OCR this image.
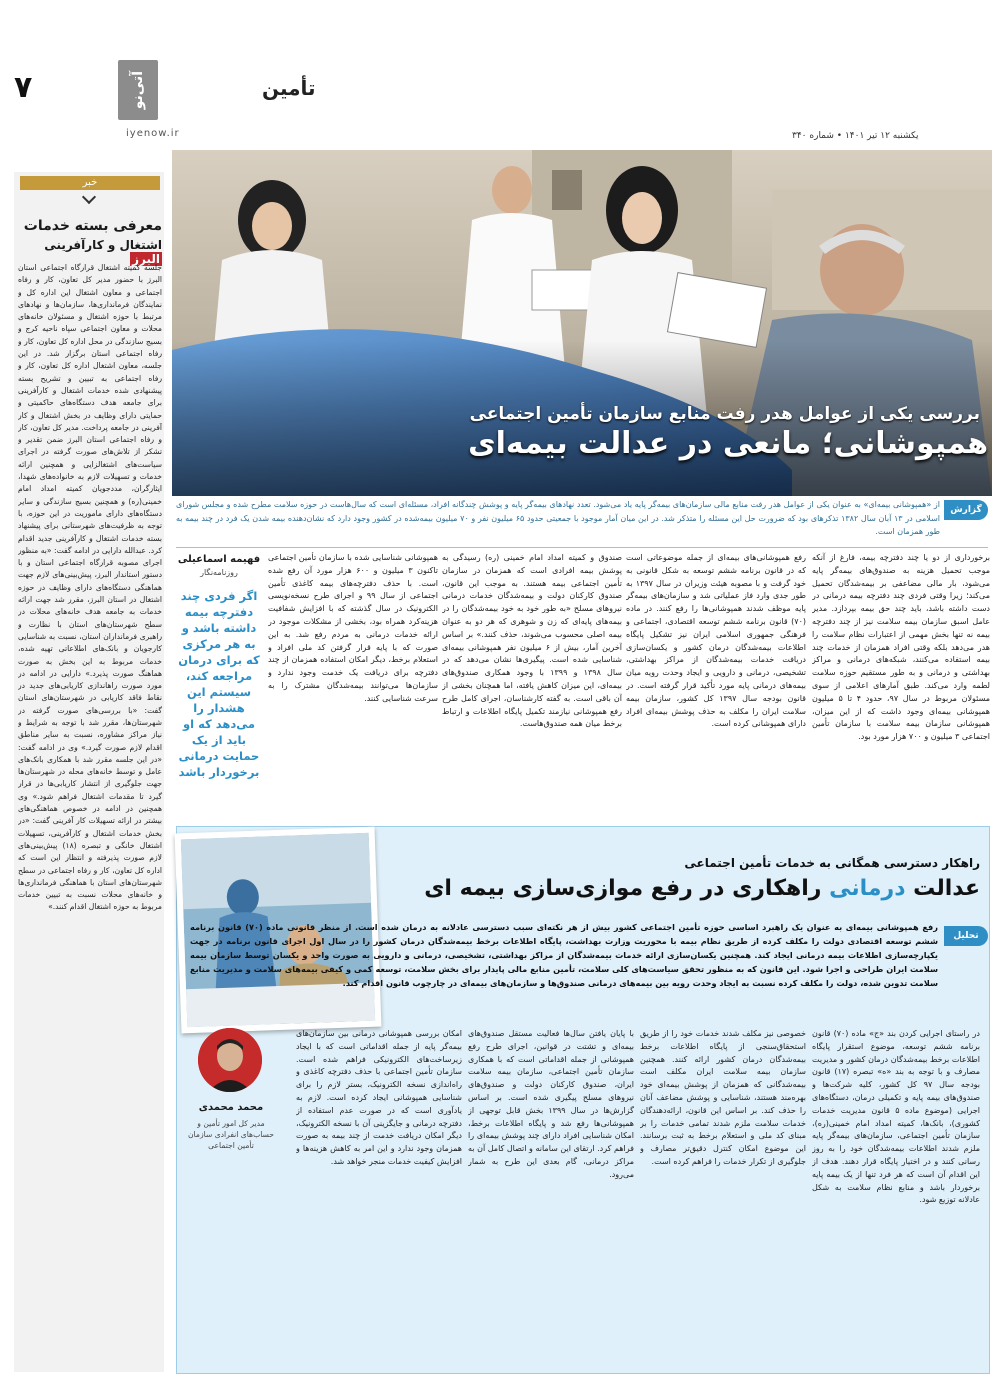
۷	آتی‌نو
iyenow.ir
تأمین
یکشنبه ۱۲ تیر ۱۴۰۱ • شماره ۳۴۰
خبر
معرفی بسته خدمات
اشتغال و کارآفرینی البرز
جلسه کمیته اشتغال قرارگاه اجتماعی استان البرز با حضور مدیر کل تعاون، کار و رفاه اجتماعی و معاون اشتغال این اداره کل و نمایندگان فرمانداری‌ها، سازمان‌ها و نهادهای مرتبط با حوزه اشتغال و مسئولان خانه‌های محلات و معاون اجتماعی سپاه ناحیه کرج و بسیج سازندگی در محل اداره کل تعاون، کار و رفاه اجتماعی استان برگزار شد. در این جلسه، معاون اشتغال اداره کل تعاون، کار و رفاه اجتماعی به تبیین و تشریح بسته پیشنهادی شده خدمات اشتغال و کارآفرینی برای جامعه هدف دستگاه‌های حاکمیتی و حمایتی دارای وظایف در بخش اشتغال و کار آفرینی در جامعه پرداخت. مدیر کل تعاون، کار و رفاه اجتماعی استان البرز ضمن تقدیر و تشکر از تلاش‌های صورت گرفته در اجرای سیاست‌های اشتغالزایی و همچنین ارائه خدمات و تسهیلات لازم به خانواده‌های شهدا، ایثارگران، مددجویان کمیته امداد امام خمینی(ره) و همچنین بسیج سازندگی و سایر دستگاه‌های دارای ماموریت در این حوزه، با توجه به ظرفیت‌های شهرستانی برای پیشنهاد بسته خدمات اشتغال و کارآفرینی جدید اقدام کرد. عبدالله دارایی در ادامه گفت: «به منظور اجرای مصوبه قرارگاه اجتماعی استان و با دستور استاندار البرز، پیش‌بینی‌های لازم جهت هماهنگی دستگاه‌های دارای وظایف در حوزه اشتغال در استان البرز، مقرر شد جهت ارائه خدمات به جامعه هدف خانه‌های محلات در سطح شهرستان‌های استان با نظارت و راهبری فرمانداران استان، نسبت به شناسایی کارجویان و بانک‌های اطلاعاتی تهیه شده، خدمات مربوط به این بخش به صورت هماهنگ صورت پذیرد.» دارایی در ادامه در مورد صورت راهاندازی کاریابی‌های جدید در نقاط فاقد کاریابی در شهرستان‌های استان گفت: «با بررسی‌های صورت گرفته در شهرستان‌ها، مقرر شد با توجه به شرایط و نیاز مراکز مشاوره، نسبت به سایر مناطق اقدام لازم صورت گیرد.» وی در ادامه گفت: «در این جلسه مقرر شد با همکاری بانک‌های عامل و توسط خانه‌های محله در شهرستان‌ها جهت جلوگیری از انتشار کاریابی‌ها در قرار گیرد تا مقدمات اشتغال فراهم شود.» وی همچنین در ادامه در خصوص هماهنگی‌های بیشتر در ارائه تسهیلات کار آفرینی گفت: «در بخش خدمات اشتغال و کارآفرینی، تسهیلات اشتغال خانگی و تبصره (۱۸) پیش‌بینی‌های لازم صورت پذیرفته و انتظار این است که اداره کل تعاون، کار و رفاه اجتماعی در سطح شهرستان‌های استان با هماهنگی فرمانداری‌ها و خانه‌های محلات نسبت به تبیین خدمات مربوط به حوزه اشتغال اقدام کنند.»
بررسی یکی از عوامل هدر رفت منابع سازمان تأمین اجتماعی
همپوشانی؛ مانعی در عدالت بیمه‌ای
گزارش
از «همپوشانی بیمه‌ای» به عنوان یکی از عوامل هدر رفت منابع مالی سازمان‌های بیمه‌گر پایه یاد می‌شود. تعدد نهادهای بیمه‌گر پایه و پوشش چندگانه افراد، مسئله‌ای است که سال‌هاست در حوزه سلامت مطرح شده و مجلس شورای اسلامی در ۱۳ آبان سال ۱۳۸۲ تذکرهای بود که ضرورت حل این مسئله را متذکر شد. در این میان آمار موجود با جمعیتی حدود ۶۵ میلیون نفر و ۷۰ میلیون بیمه‌شده در کشور وجود دارد که نشان‌دهنده بیمه شدن یک فرد در چند بیمه به طور همزمان است.
برخورداری از دو یا چند دفترچه بیمه، فارغ از آنکه موجب تحمیل هزینه به صندوق‌های بیمه‌گر پایه می‌شود، بار مالی مضاعفی بر بیمه‌شدگان تحمیل می‌کند؛ زیرا وقتی فردی چند دفترچه بیمه درمانی در دست داشته باشد، باید چند حق بیمه بپردازد. مدیر عامل اسبق سازمان بیمه سلامت نیز از چند دفترچه بیمه نه تنها بخش مهمی از اعتبارات نظام سلامت را هدر می‌دهد بلکه وقتی افراد همزمان از خدمات چند بیمه استفاده می‌کنند، شبکه‌های درمانی و مراکز بهداشتی و درمانی و به طور مستقیم حوزه سلامت لطمه وارد می‌کند. طبق آمارهای اعلامی از سوی مسئولان مربوط در سال ۹۷، حدود ۴ تا ۵ میلیون همپوشانی بیمه‌ای وجود داشت که از این میزان، همپوشانی سازمان بیمه سلامت با سازمان تأمین اجتماعی ۳ میلیون و ۷۰۰ هزار مورد بود.
رفع همپوشانی‌های بیمه‌ای از جمله موضوعاتی است که در قانون برنامه ششم توسعه به شکل قانونی به خود گرفت و با مصوبه هیئت وزیران در سال ۱۳۹۷ به طور جدی وارد فاز عملیاتی شد و سازمان‌های بیمه‌گر پایه موظف شدند همپوشانی‌ها را رفع کنند. در ماده (۷۰) قانون برنامه ششم توسعه اقتصادی، اجتماعی و فرهنگی جمهوری اسلامی ایران نیز تشکیل پایگاه اطلاعات بیمه‌شدگان درمان کشور و یکسان‌سازی دریافت خدمات بیمه‌شدگان از مراکز بهداشتی، تشخیصی، درمانی و دارویی و ایجاد وحدت رویه میان بیمه‌های درمانی پایه مورد تأکید قرار گرفته است. در قانون بودجه سال ۱۳۹۷ کل کشور، سازمان بیمه سلامت ایران را مکلف به حذف پوشش بیمه‌ای افراد دارای همپوشانی کرده است.
صندوق و کمیته امداد امام خمینی (ره) رسیدگی به پوشش بیمه افرادی است که همزمان در سازمان تأمین اجتماعی بیمه هستند. به موجب این قانون، صندوق کارکنان دولت و بیمه‌شدگان خدمات درمانی نیروهای مسلح «به طور خود به خود بیمه‌شدگان را در بیمه‌های پایه‌ای که زن و شوهری که هر دو به عنوان بیمه اصلی محسوب می‌شوند، حذف کنند.» بر اساس آخرین آمار، بیش از ۶ میلیون نفر همپوشانی بیمه‌ای شناسایی شده است. پیگیری‌ها نشان می‌دهد که در سال ۱۳۹۸ و ۱۳۹۹ با وجود همکاری صندوق‌های بیمه‌ای، این میزان کاهش یافته، اما همچنان بخشی از آن باقی است. به گفته کارشناسان، اجرای کامل طرح رفع همپوشانی نیازمند تکمیل پایگاه اطلاعات و ارتباط برخط میان همه صندوق‌هاست.
همپوشانی شناسایی شده با سازمان تأمین اجتماعی تاکنون ۳ میلیون و ۶۰۰ هزار مورد آن رفع شده است. با حذف دفترچه‌های بیمه کاغذی تأمین اجتماعی از سال ۹۹ و اجرای طرح نسخه‌نویسی الکترونیک در سال گذشته که با افزایش شفافیت هزینه‌کرد همراه بود، بخشی از مشکلات موجود در ارائه خدمات درمانی به مردم رفع شد. به این صورت که با پایه قرار گرفتن کد ملی افراد و استعلام برخط، دیگر امکان استفاده همزمان از چند دفترچه برای دریافت یک خدمت وجود ندارد و سازمان‌ها می‌توانند بیمه‌شدگان مشترک را به سرعت شناسایی کنند.
فهیمه اسماعیلی
روزنامه‌نگار
اگر فردی چند دفترچه بیمه داشته باشد و به هر مرکزی که برای درمان مراجعه کند، سیستم این هشدار را می‌دهد که او باید از یک حمایت درمانی برخوردار باشد
راهکار دسترسی همگانی به خدمات تأمین اجتماعی
عدالت درمانی راهکاری در رفع موازی‌سازی بیمه ای
تحلیل
رفع همپوشانی بیمه‌ای به عنوان یک راهبرد اساسی حوزه تأمین اجتماعی کشور بیش از هر نکته‌ای سبب دسترسی عادلانه به درمان شده است. از منظر قانونی ماده (۷۰) قانون برنامه ششم توسعه اقتصادی دولت را مکلف کرده از طریق نظام بیمه با محوریت وزارت بهداشت، پایگاه اطلاعات برخط بیمه‌شدگان درمان کشور را در سال اول اجرای قانون برنامه در جهت یکپارچه‌سازی اطلاعات بیمه درمانی ایجاد کند. همچنین یکسان‌سازی ارائه خدمات بیمه‌شدگان از مراکز بهداشتی، تشخیصی، درمانی و دارویی به صورت واحد و یکسان توسط سازمان بیمه سلامت ایران طراحی و اجرا شود. این قانون که به منظور تحقق سیاست‌های کلی سلامت، تأمین منابع مالی پایدار برای بخش سلامت، توسعه کمی و کیفی بیمه‌های سلامت و مدیریت منابع سلامت تدوین شده، دولت را مکلف کرده نسبت به ایجاد وحدت رویه بین بیمه‌های درمانی صندوق‌ها و سازمان‌های بیمه‌ای در چارچوب قانون اقدام کند.
در راستای اجرایی کردن بند «ج» ماده (۷۰) قانون برنامه ششم توسعه، موضوع استقرار پایگاه اطلاعات برخط بیمه‌شدگان درمان کشور و مدیریت مصارف و با توجه به بند «ه» تبصره (۱۷) قانون بودجه سال ۹۷ کل کشور، کلیه شرکت‌ها و صندوق‌های بیمه پایه و تکمیلی درمان، دستگاه‌های اجرایی (موضوع ماده ۵ قانون مدیریت خدمات کشوری)، بانک‌ها، کمیته امداد امام خمینی(ره)، سازمان تأمین اجتماعی، سازمان‌های بیمه‌گر پایه ملزم شدند اطلاعات بیمه‌شدگان خود را به روز رسانی کنند و در اختیار پایگاه قرار دهند. هدف از این اقدام آن است که هر فرد تنها از یک بیمه پایه برخوردار باشد و منابع نظام سلامت به شکل عادلانه توزیع شود.
خصوصی نیز مکلف شدند خدمات خود را از طریق استحقاق‌سنجی از پایگاه اطلاعات برخط بیمه‌شدگان درمان کشور ارائه کنند. همچنین سازمان بیمه سلامت ایران مکلف است بیمه‌شدگانی که همزمان از پوشش بیمه‌ای خود بهره‌مند هستند، شناسایی و پوشش مضاعف آنان را حذف کند. بر اساس این قانون، ارائه‌دهندگان خدمات سلامت ملزم شدند تمامی خدمات را بر مبنای کد ملی و استعلام برخط به ثبت برسانند. این موضوع امکان کنترل دقیق‌تر مصارف و جلوگیری از تکرار خدمات را فراهم کرده است.
با پایان یافتن سال‌ها فعالیت مستقل صندوق‌های بیمه‌ای و تشتت در قوانین، اجرای طرح رفع همپوشانی از جمله اقداماتی است که با همکاری سازمان تأمین اجتماعی، سازمان بیمه سلامت ایران، صندوق کارکنان دولت و صندوق‌های نیروهای مسلح پیگیری شده است. بر اساس گزارش‌ها در سال ۱۳۹۹ بخش قابل توجهی از همپوشانی‌ها رفع شد و پایگاه اطلاعات برخط، امکان شناسایی افراد دارای چند پوشش بیمه‌ای را فراهم کرد. ارتقای این سامانه و اتصال کامل آن به مراکز درمانی، گام بعدی این طرح به شمار می‌رود.
امکان بررسی همپوشانی درمانی بین سازمان‌های بیمه‌گر پایه از جمله اقداماتی است که با ایجاد زیرساخت‌های الکترونیکی فراهم شده است. سازمان تأمین اجتماعی با حذف دفترچه کاغذی و راه‌اندازی نسخه الکترونیک، بستر لازم را برای شناسایی همپوشانی ایجاد کرده است. لازم به یادآوری است که در صورت عدم استفاده از دفترچه درمانی و جایگزینی آن با نسخه الکترونیک، دیگر امکان دریافت خدمت از چند بیمه به صورت همزمان وجود ندارد و این امر به کاهش هزینه‌ها و افزایش کیفیت خدمات منجر خواهد شد.
محمد محمدی
مدیر کل امور تأمین و حساب‌های انفرادی سازمان تأمین اجتماعی
